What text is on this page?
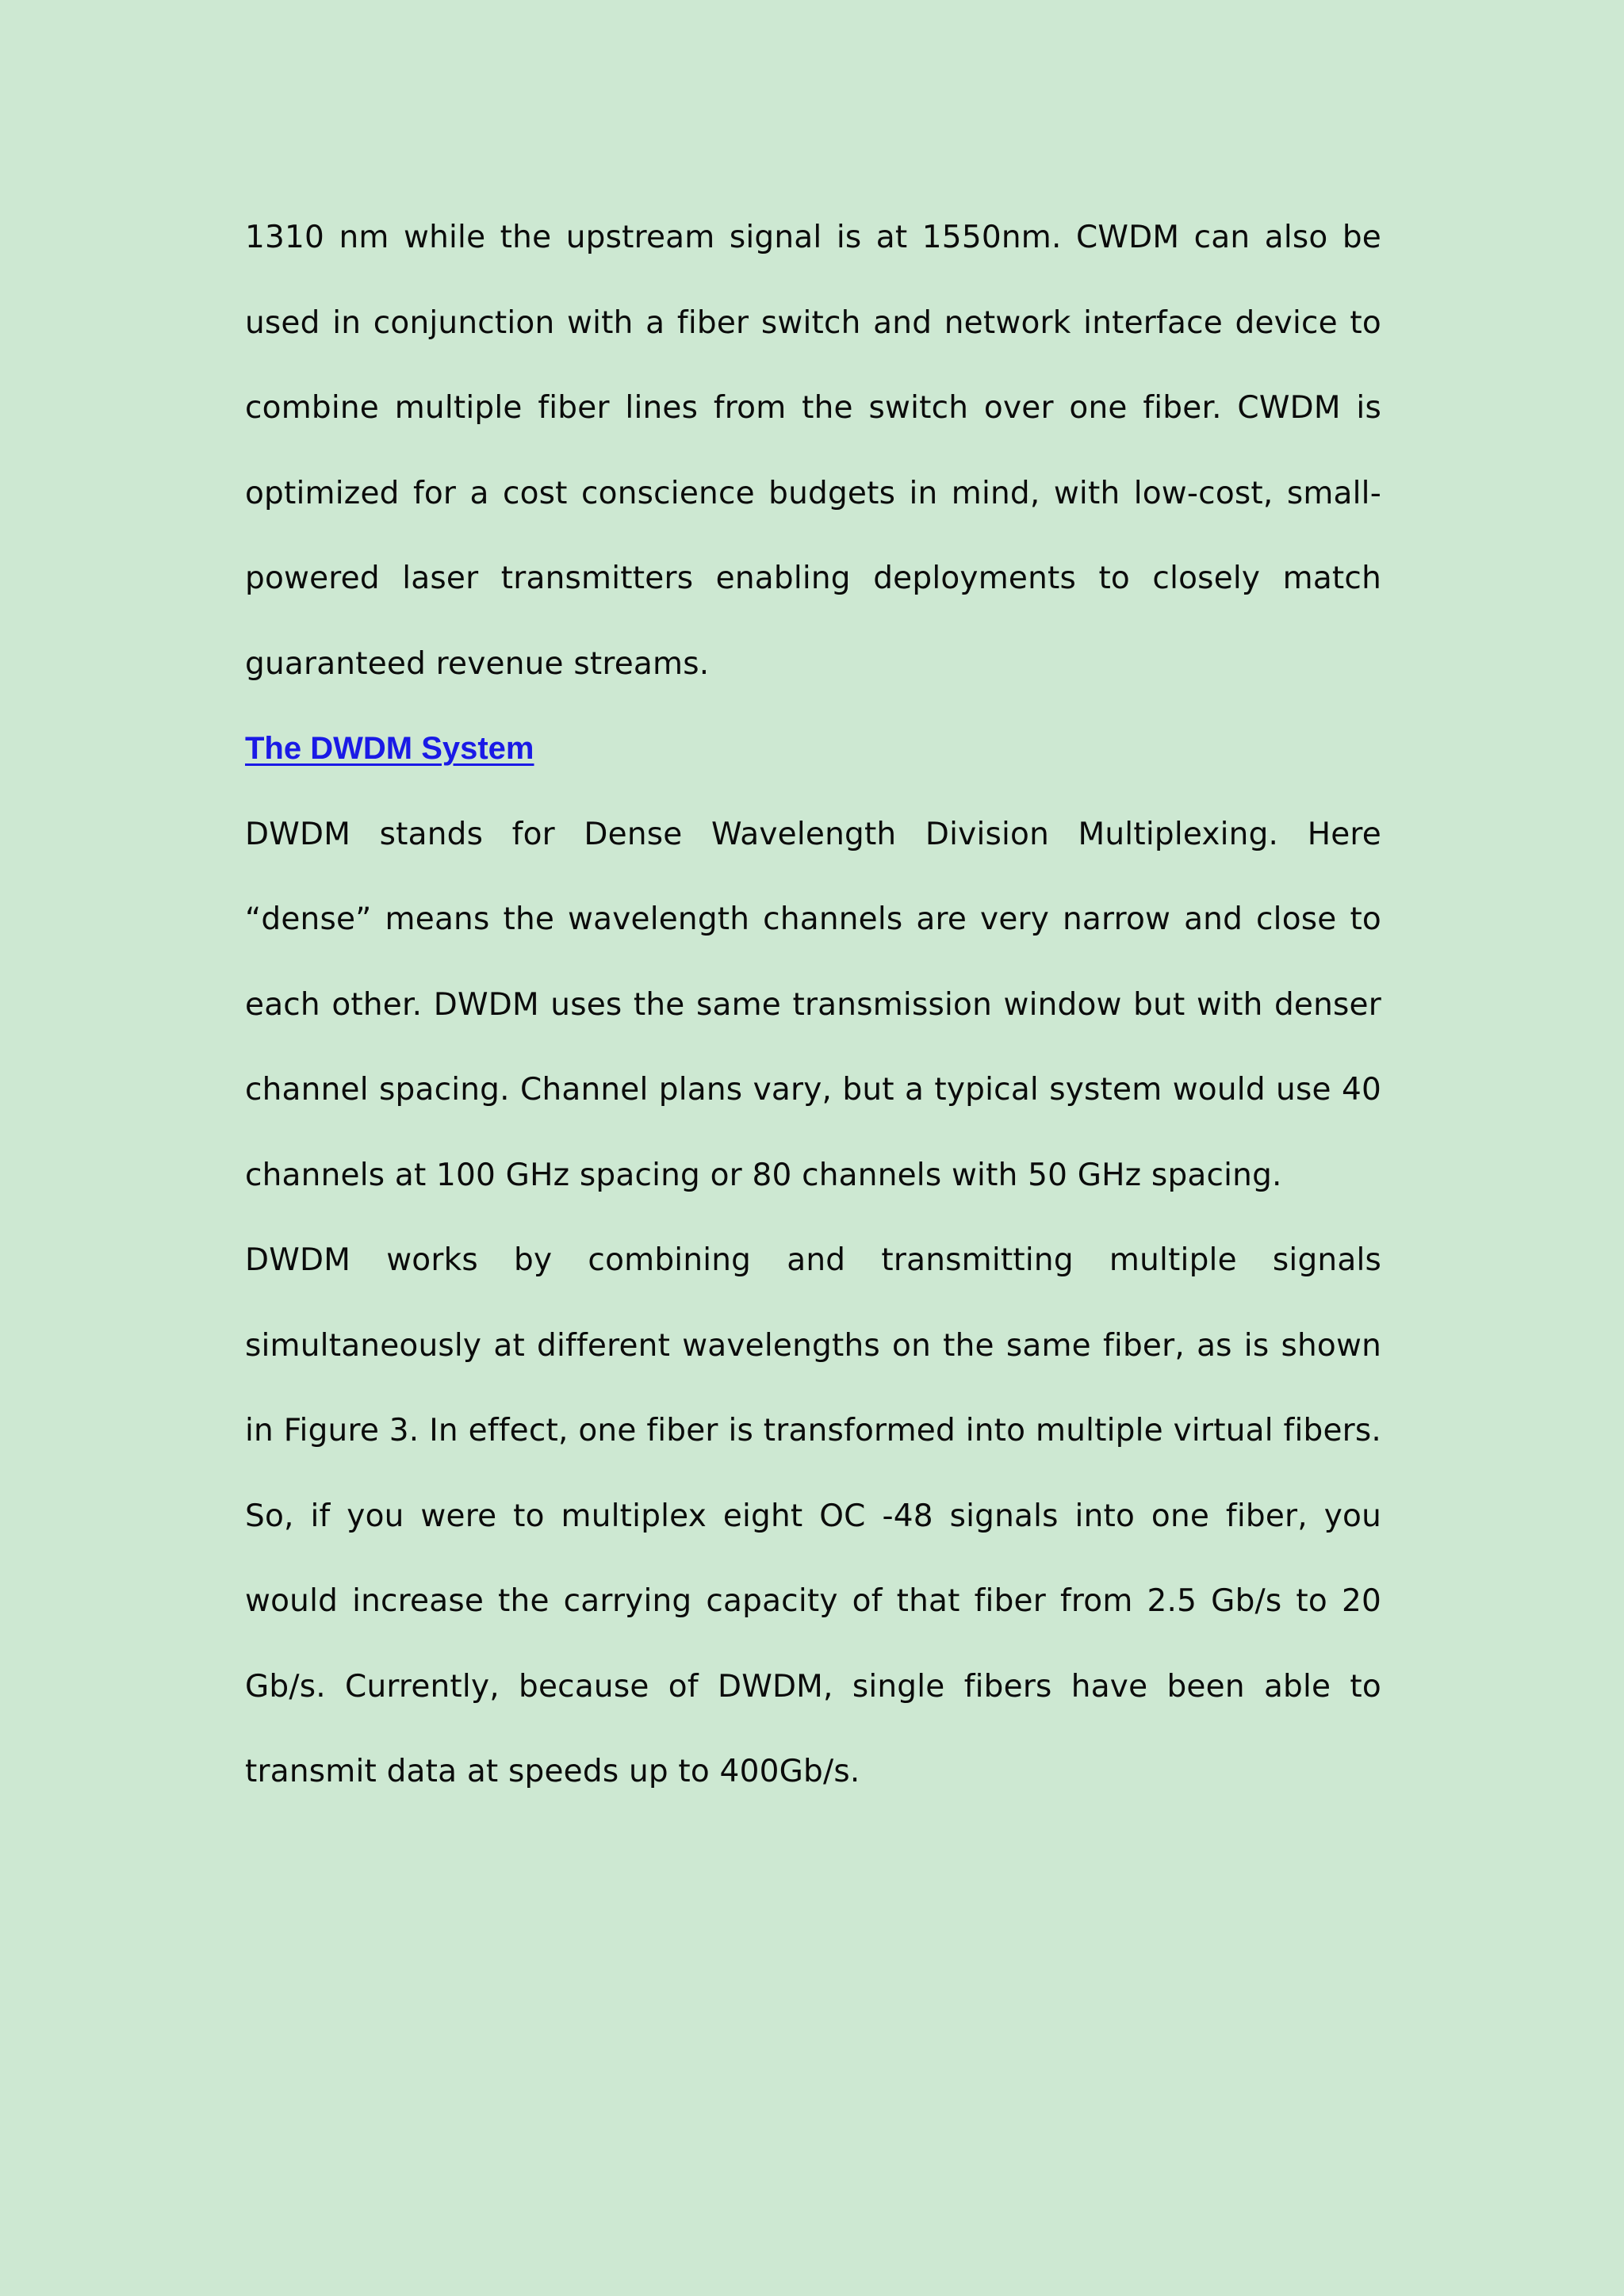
1310 nm while the upstream signal is at 1550nm. CWDM can also be used in conjunction with a fiber switch and network interface device to combine multiple fiber lines from the switch over one fiber. CWDM is optimized for a cost conscience budgets in mind, with low-cost, small-powered laser transmitters enabling deployments to closely match guaranteed revenue streams.

The DWDM System

DWDM stands for Dense Wavelength Division Multiplexing. Here “dense” means the wavelength channels are very narrow and close to each other. DWDM uses the same transmission window but with denser channel spacing. Channel plans vary, but a typical system would use 40 channels at 100 GHz spacing or 80 channels with 50 GHz spacing.

DWDM works by combining and transmitting multiple signals simultaneously at different wavelengths on the same fiber, as is shown in Figure 3. In effect, one fiber is transformed into multiple virtual fibers. So, if you were to multiplex eight OC -48 signals into one fiber, you would increase the carrying capacity of that fiber from 2.5 Gb/s to 20 Gb/s. Currently, because of DWDM, single fibers have been able to transmit data at speeds up to 400Gb/s.
